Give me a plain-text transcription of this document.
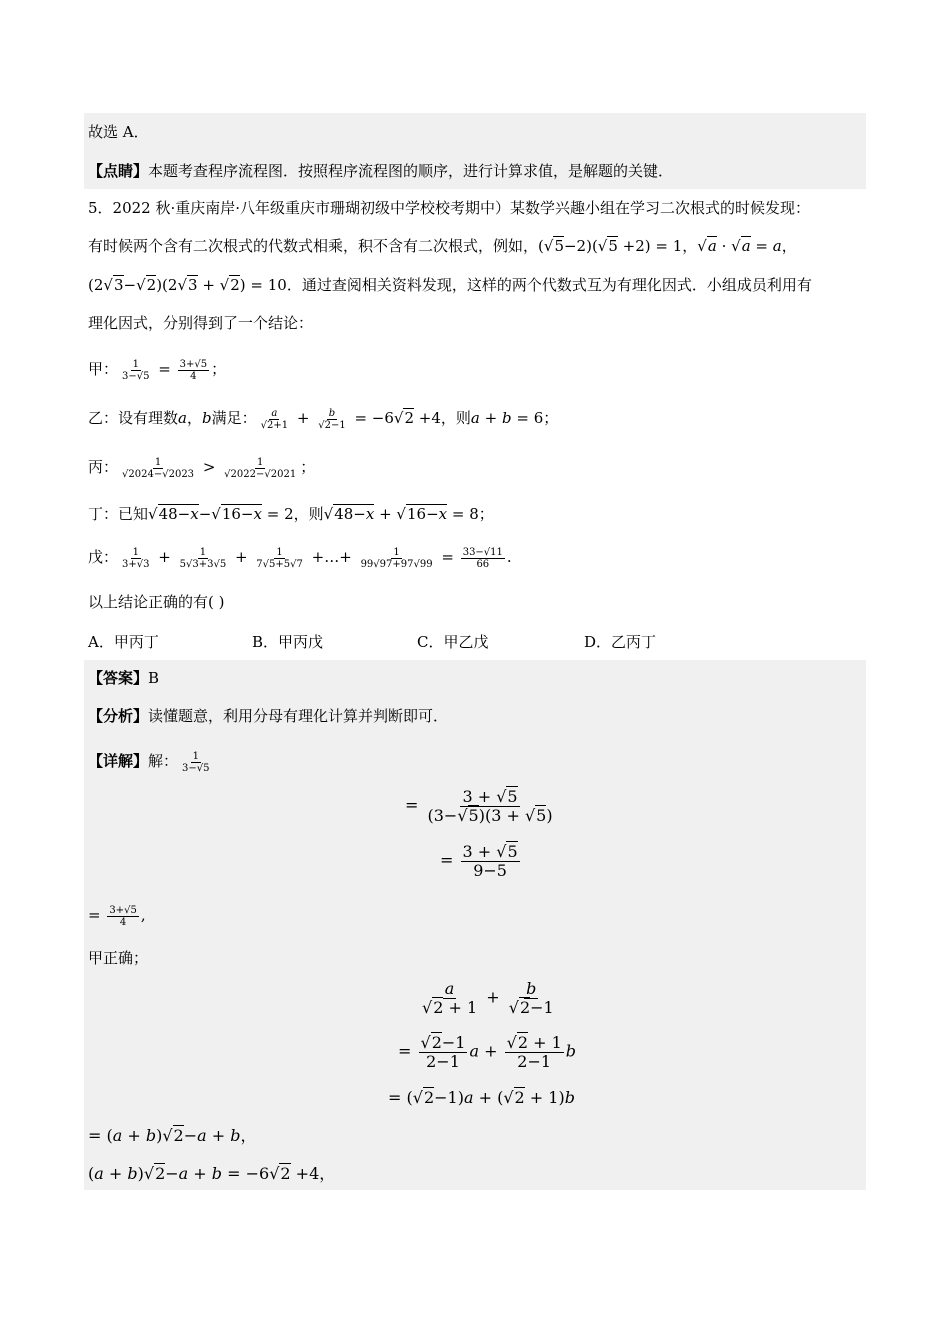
故选 A．
【点睛】本题考查程序流程图．按照程序流程图的顺序，进行计算求值，是解题的关键．
5．2022 秋·重庆南岸·八年级重庆市珊瑚初级中学校校考期中）某数学兴趣小组在学习二次根式的时候发现：
有时候两个含有二次根式的代数式相乘，积不含有二次根式，例如，(√5−2)(√5 +2) = 1，√a · √a = a，
(2√3−√2)(2√3 + √2) = 10．通过查阅相关资料发现，这样的两个代数式互为有理化因式．小组成员利用有
理化因式，分别得到了一个结论：
甲： $\frac{1}{3-√5} = \frac{3+√5}{4}$ ；
乙：设有理数a，b满足： $\frac{a}{√2+1} + \frac{b}{√2-1} = -6√2 +4$，则a + b = 6；
丙： $\frac{1}{√2024-√2023} > \frac{1}{√2022-√2021}$ ；
丁：已知√48−x−√16−x = 2，则√48−x + √16−x = 8；
戊： $\frac{1}{3+√3} + \frac{1}{5√3+3√5} + \frac{1}{7√5+5√7}$ +…+ $\frac{1}{99√97+97√99} = \frac{33-√11}{66}$ .
以上结论正确的有( )
A．甲丙丁	B．甲丙戊	C．甲乙戊	D．乙丙丁
【答案】B
【分析】读懂题意，利用分母有理化计算并判断即可．
【详解】解： $\frac{1}{3-√5}$
= $\frac{3 + √5}{(3-√5)(3 + √5)}$
= $\frac{3 + √5}{9-5}$
= $\frac{3+√5}{4}$ ,
甲正确；
$\frac{a}{√2 + 1} + \frac{b}{√2-1}$
= $\frac{√2-1}{2-1}$ $a + \frac{√2 + 1}{2-1}$ b
= (√2−1)a + (√2 + 1)b
= (a + b)√2−a + b，
(a + b)√2−a + b = −6√2 +4，
